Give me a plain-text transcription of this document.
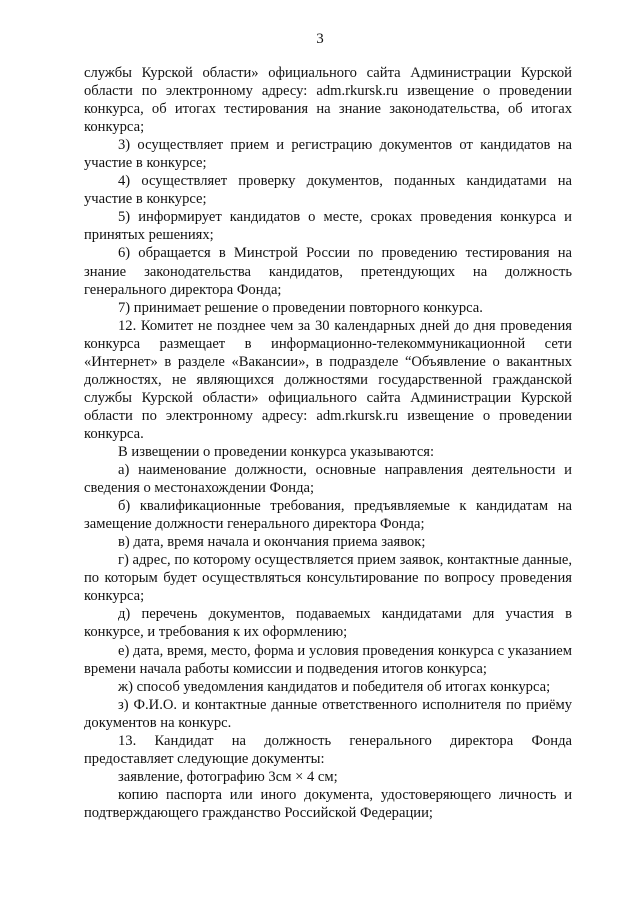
3

службы Курской области» официального сайта Администрации Курской области по электронному адресу: adm.rkursk.ru извещение о проведении конкурса, об итогах тестирования на знание законодательства, об итогах конкурса;

3) осуществляет прием и регистрацию документов от кандидатов на участие в конкурсе;

4) осуществляет проверку документов, поданных кандидатами на участие в конкурсе;

5) информирует кандидатов о месте, сроках проведения конкурса и принятых решениях;

6) обращается в Минстрой России по проведению тестирования на знание законодательства кандидатов, претендующих на должность генерального директора Фонда;

7) принимает решение о проведении повторного конкурса.

12. Комитет не позднее чем за 30 календарных дней до дня проведения конкурса размещает в информационно-телекоммуникационной сети «Интернет» в разделе «Вакансии», в подразделе “Объявление о вакантных должностях, не являющихся должностями государственной гражданской службы Курской области» официального сайта Администрации Курской области по электронному адресу: adm.rkursk.ru извещение о проведении конкурса.

В извещении о проведении конкурса указываются:

а) наименование должности, основные направления деятельности и сведения о местонахождении Фонда;

б) квалификационные требования, предъявляемые к кандидатам на замещение должности генерального директора Фонда;

в) дата, время начала и окончания приема заявок;

г) адрес, по которому осуществляется прием заявок, контактные данные, по которым будет осуществляться консультирование по вопросу проведения конкурса;

д) перечень документов, подаваемых кандидатами для участия в конкурсе, и требования к их оформлению;

е) дата, время, место, форма и условия проведения конкурса с указанием времени начала работы комиссии и подведения итогов конкурса;

ж) способ уведомления кандидатов и победителя об итогах конкурса;

з) Ф.И.О. и контактные данные ответственного исполнителя по приёму документов на конкурс.

13. Кандидат на должность генерального директора Фонда предоставляет следующие документы:

заявление, фотографию 3см × 4 см;

копию паспорта или иного документа, удостоверяющего личность и подтверждающего гражданство Российской Федерации;
